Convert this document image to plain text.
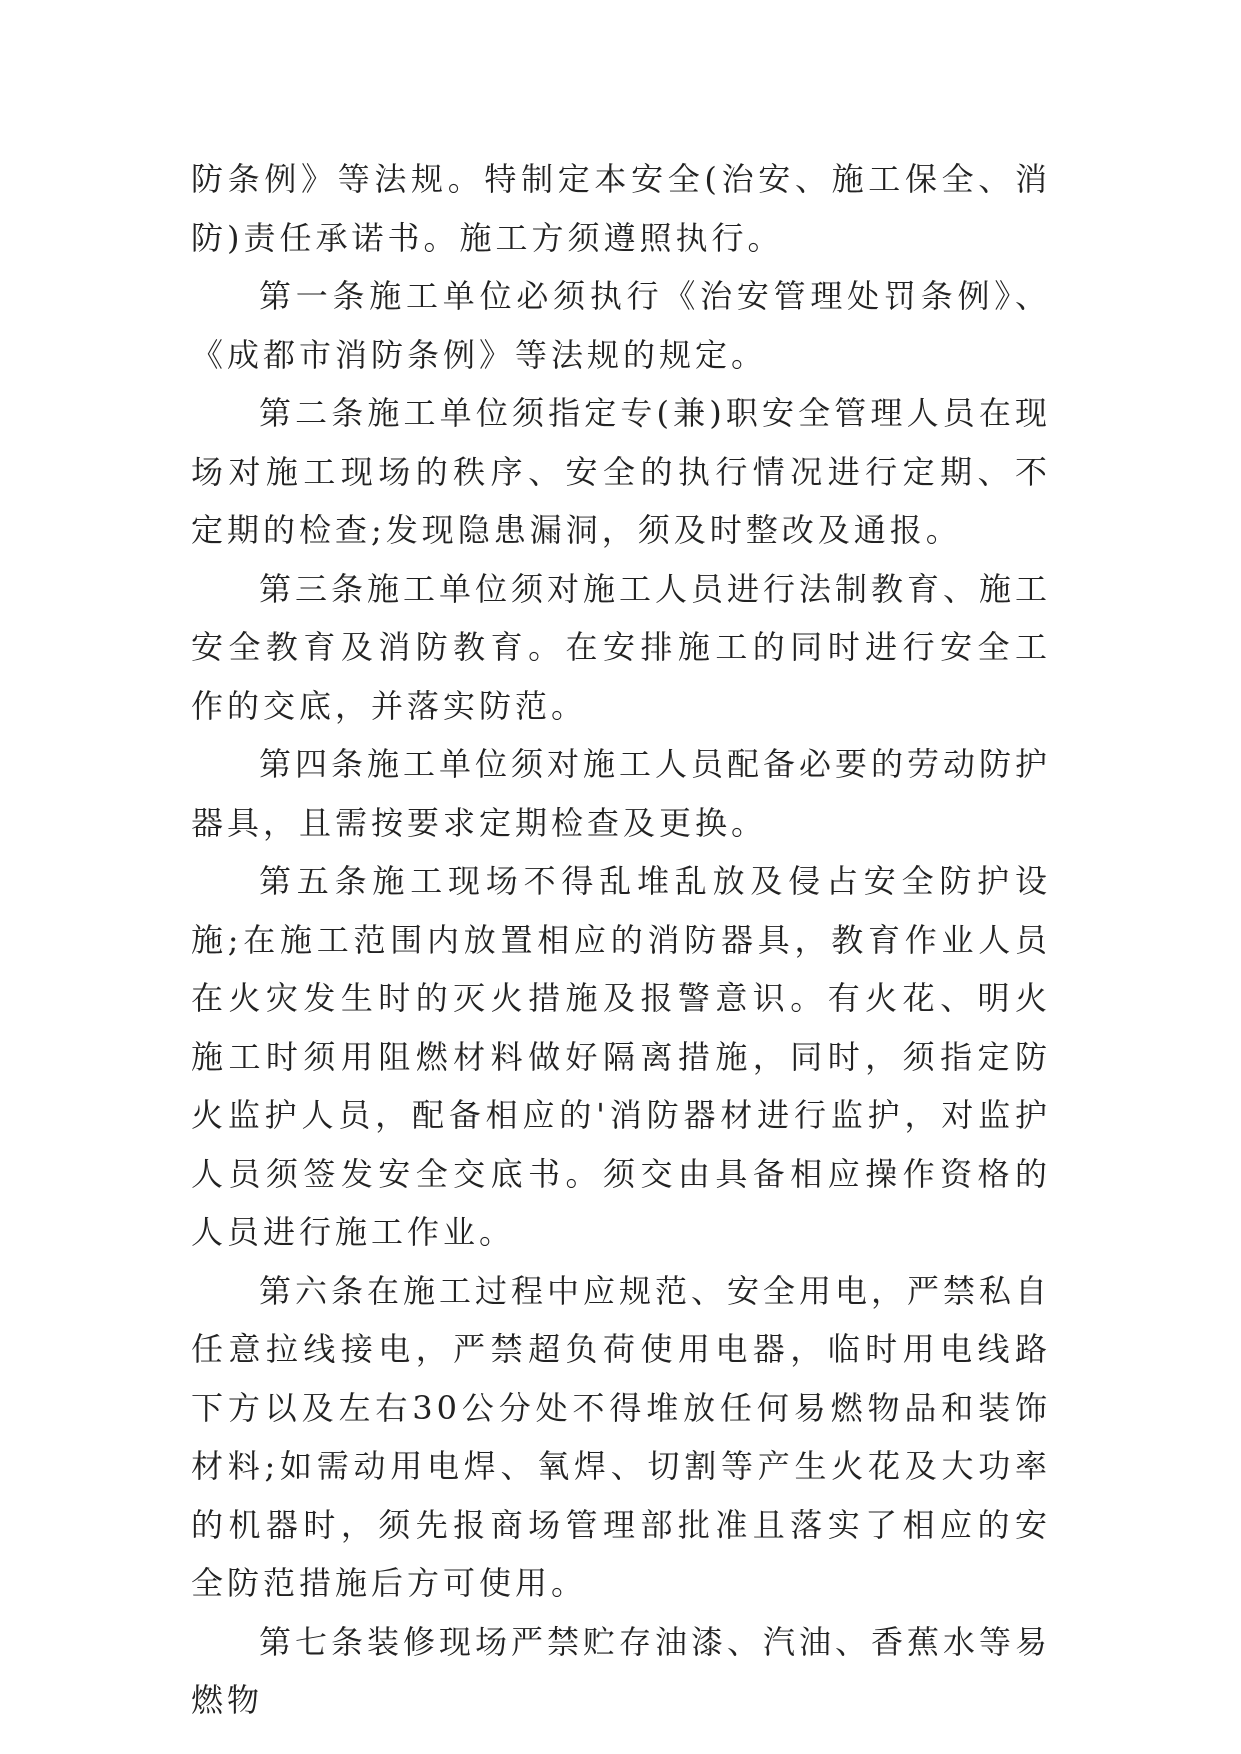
防条例》等法规。特制定本安全(治安、施工保全、消防)责任承诺书。施工方须遵照执行。

第一条施工单位必须执行《治安管理处罚条例》、《成都市消防条例》等法规的规定。

第二条施工单位须指定专(兼)职安全管理人员在现场对施工现场的秩序、安全的执行情况进行定期、不定期的检查;发现隐患漏洞，须及时整改及通报。

第三条施工单位须对施工人员进行法制教育、施工安全教育及消防教育。在安排施工的同时进行安全工作的交底，并落实防范。

第四条施工单位须对施工人员配备必要的劳动防护器具，且需按要求定期检查及更换。

第五条施工现场不得乱堆乱放及侵占安全防护设施;在施工范围内放置相应的消防器具，教育作业人员在火灾发生时的灭火措施及报警意识。有火花、明火施工时须用阻燃材料做好隔离措施，同时，须指定防火监护人员，配备相应的'消防器材进行监护，对监护人员须签发安全交底书。须交由具备相应操作资格的人员进行施工作业。

第六条在施工过程中应规范、安全用电，严禁私自任意拉线接电，严禁超负荷使用电器，临时用电线路下方以及左右30公分处不得堆放任何易燃物品和装饰材料;如需动用电焊、氧焊、切割等产生火花及大功率的机器时，须先报商场管理部批准且落实了相应的安全防范措施后方可使用。

第七条装修现场严禁贮存油漆、汽油、香蕉水等易燃物
